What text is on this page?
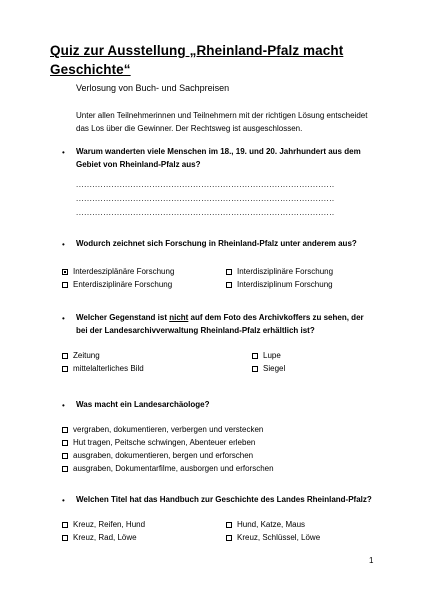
Quiz zur Ausstellung „Rheinland-Pfalz macht
Geschichte“
Verlosung von Buch- und Sachpreisen
Unter allen Teilnehmerinnen und Teilnehmern mit der richtigen Lösung entscheidet das Los über die Gewinner. Der Rechtsweg ist ausgeschlossen.
• Warum wanderten viele Menschen im 18., 19. und 20. Jahrhundert aus dem Gebiet von Rheinland-Pfalz aus?
...............................................................................................
...............................................................................................
...............................................................................................
• Wodurch zeichnet sich Forschung in Rheinland-Pfalz unter anderem aus?
Interdesziplänäre Forschung	Interdisziplinäre Forschung
Enterdisziplinäre Forschung	Interdisziplinum Forschung
• Welcher Gegenstand ist nicht auf dem Foto des Archivkoffers zu sehen, der bei der Landesarchivverwaltung Rheinland-Pfalz erhältlich ist?
Zeitung	Lupe
mittelalterliches Bild	Siegel
• Was macht ein Landesarchäologe?
vergraben, dokumentieren, verbergen und verstecken
Hut tragen, Peitsche schwingen, Abenteuer erleben
ausgraben, dokumentieren, bergen und erforschen
ausgraben, Dokumentarfilme, ausborgen und erforschen
• Welchen Titel hat das Handbuch zur Geschichte des Landes Rheinland-Pfalz?
Kreuz, Reifen, Hund	Hund, Katze, Maus
Kreuz, Rad, Löwe	Kreuz, Schlüssel, Löwe
1
